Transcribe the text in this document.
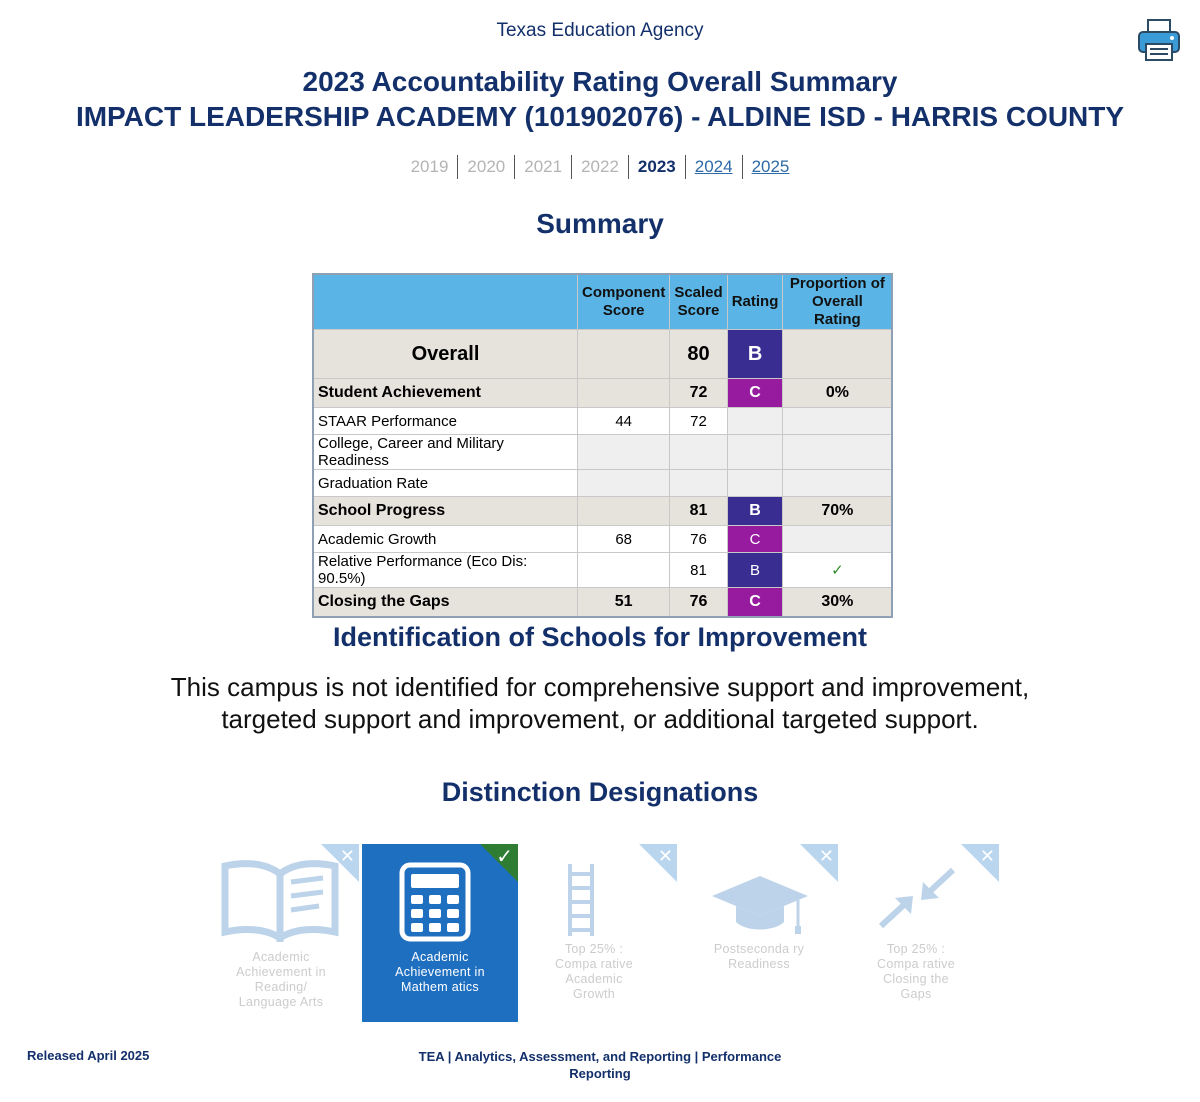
Texas Education Agency
2023 Accountability Rating Overall Summary
IMPACT LEADERSHIP ACADEMY (101902076) - ALDINE ISD - HARRIS COUNTY
2019	2020	2021	2022	2023	2024	2025
Summary
	Component Score	Scaled Score	Rating	Proportion of Overall Rating
Overall		80	B	
Student Achievement		72	C	0%
STAAR Performance	44	72		
College, Career and Military Readiness				
Graduation Rate				
School Progress		81	B	70%
Academic Growth	68	76	C	
Relative Performance (Eco Dis: 90.5%)		81	B	✓
Closing the Gaps	51	76	C	30%
Identification of Schools for Improvement
This campus is not identified for comprehensive support and improvement,
targeted support and improvement, or additional targeted support.
Distinction Designations
✕
Academic
Achievement in
Reading/
Language Arts
✓
Academic
Achievement in
Mathem atics
✕
Top 25% :
Compa rative
Academic
Growth
✕
Postseconda ry
Readiness
✕
Top 25% :
Compa rative
Closing the
Gaps
Released April 2025	TEA | Analytics, Assessment, and Reporting | Performance
Reporting
